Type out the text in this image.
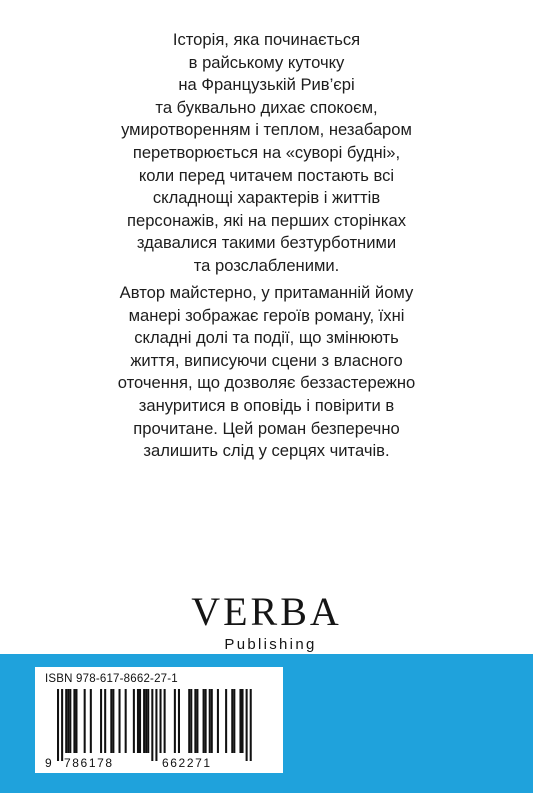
Історія, яка починається
в райському куточку
на Французькій Рив’єрі
та буквально дихає спокоєм,
умиротворенням і теплом, незабаром
перетворюється на «суворі будні»,
коли перед читачем постають всі
складнощі характерів і життів
персонажів, які на перших сторінках
здавалися такими безтурботними
та розслабленими.
Автор майстерно, у притаманній йому
манері зображає героїв роману, їхні
складні долі та події, що змінюють
життя, виписуючи сцени з власного
оточення, що дозволяє беззастережно
зануритися в оповідь і повірити в
прочитане. Цей роман безперечно
залишить слід у серцях читачів.
VERBA
Publishing
ISBN 978-617-8662-27-1
9 786178	662271
